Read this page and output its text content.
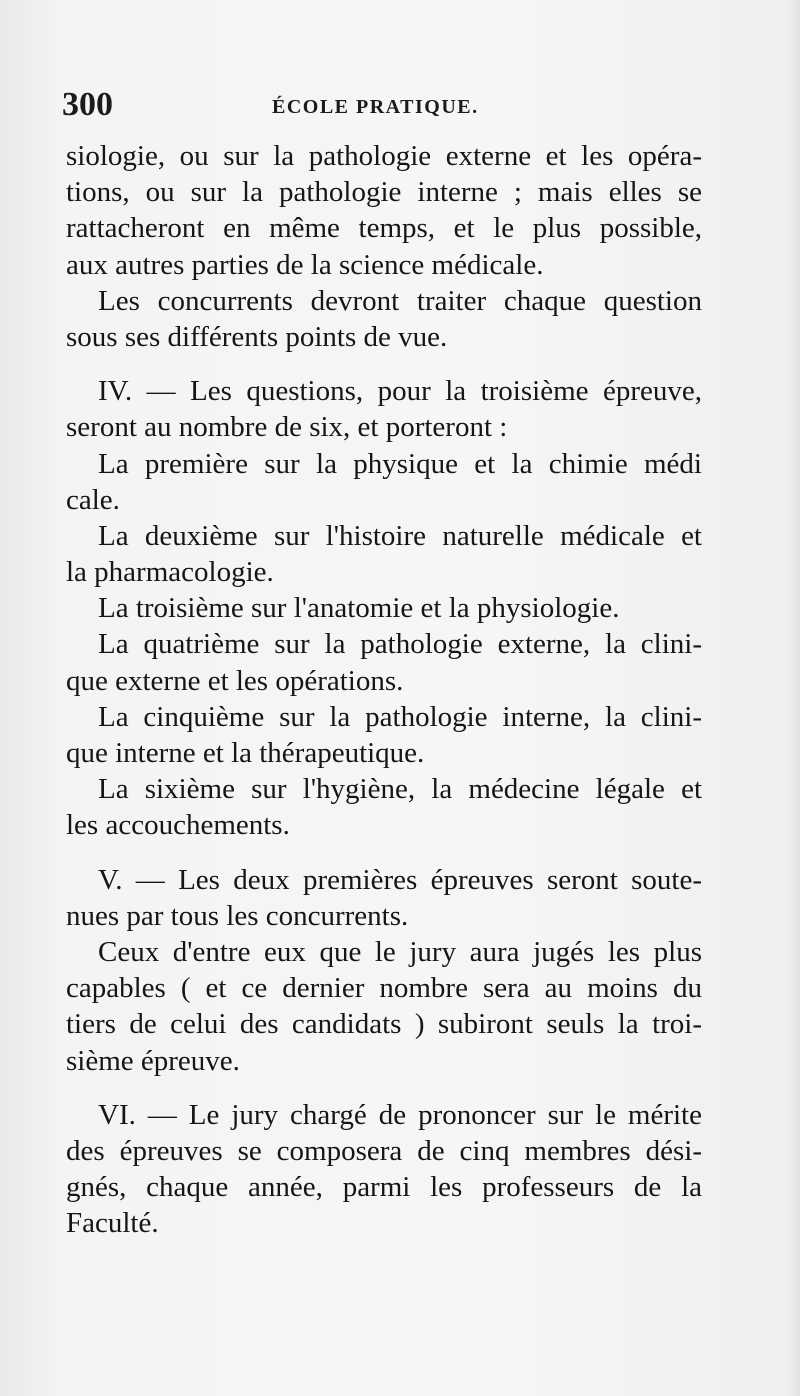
300	ÉCOLE PRATIQUE.
siologie, ou sur la pathologie externe et les opéra-
tions, ou sur la pathologie interne ; mais elles se
rattacheront en même temps, et le plus possible,
aux autres parties de la science médicale.
Les concurrents devront traiter chaque question
sous ses différents points de vue.
IV. — Les questions, pour la troisième épreuve,
seront au nombre de six, et porteront :
La première sur la physique et la chimie médi
cale.
La deuxième sur l'histoire naturelle médicale et
la pharmacologie.
La troisième sur l'anatomie et la physiologie.
La quatrième sur la pathologie externe, la clini-
que externe et les opérations.
La cinquième sur la pathologie interne, la clini-
que interne et la thérapeutique.
La sixième sur l'hygiène, la médecine légale et
les accouchements.
V. — Les deux premières épreuves seront soute-
nues par tous les concurrents.
Ceux d'entre eux que le jury aura jugés les plus
capables ( et ce dernier nombre sera au moins du
tiers de celui des candidats ) subiront seuls la troi-
sième épreuve.
VI. — Le jury chargé de prononcer sur le mérite
des épreuves se composera de cinq membres dési-
gnés, chaque année, parmi les professeurs de la
Faculté.
